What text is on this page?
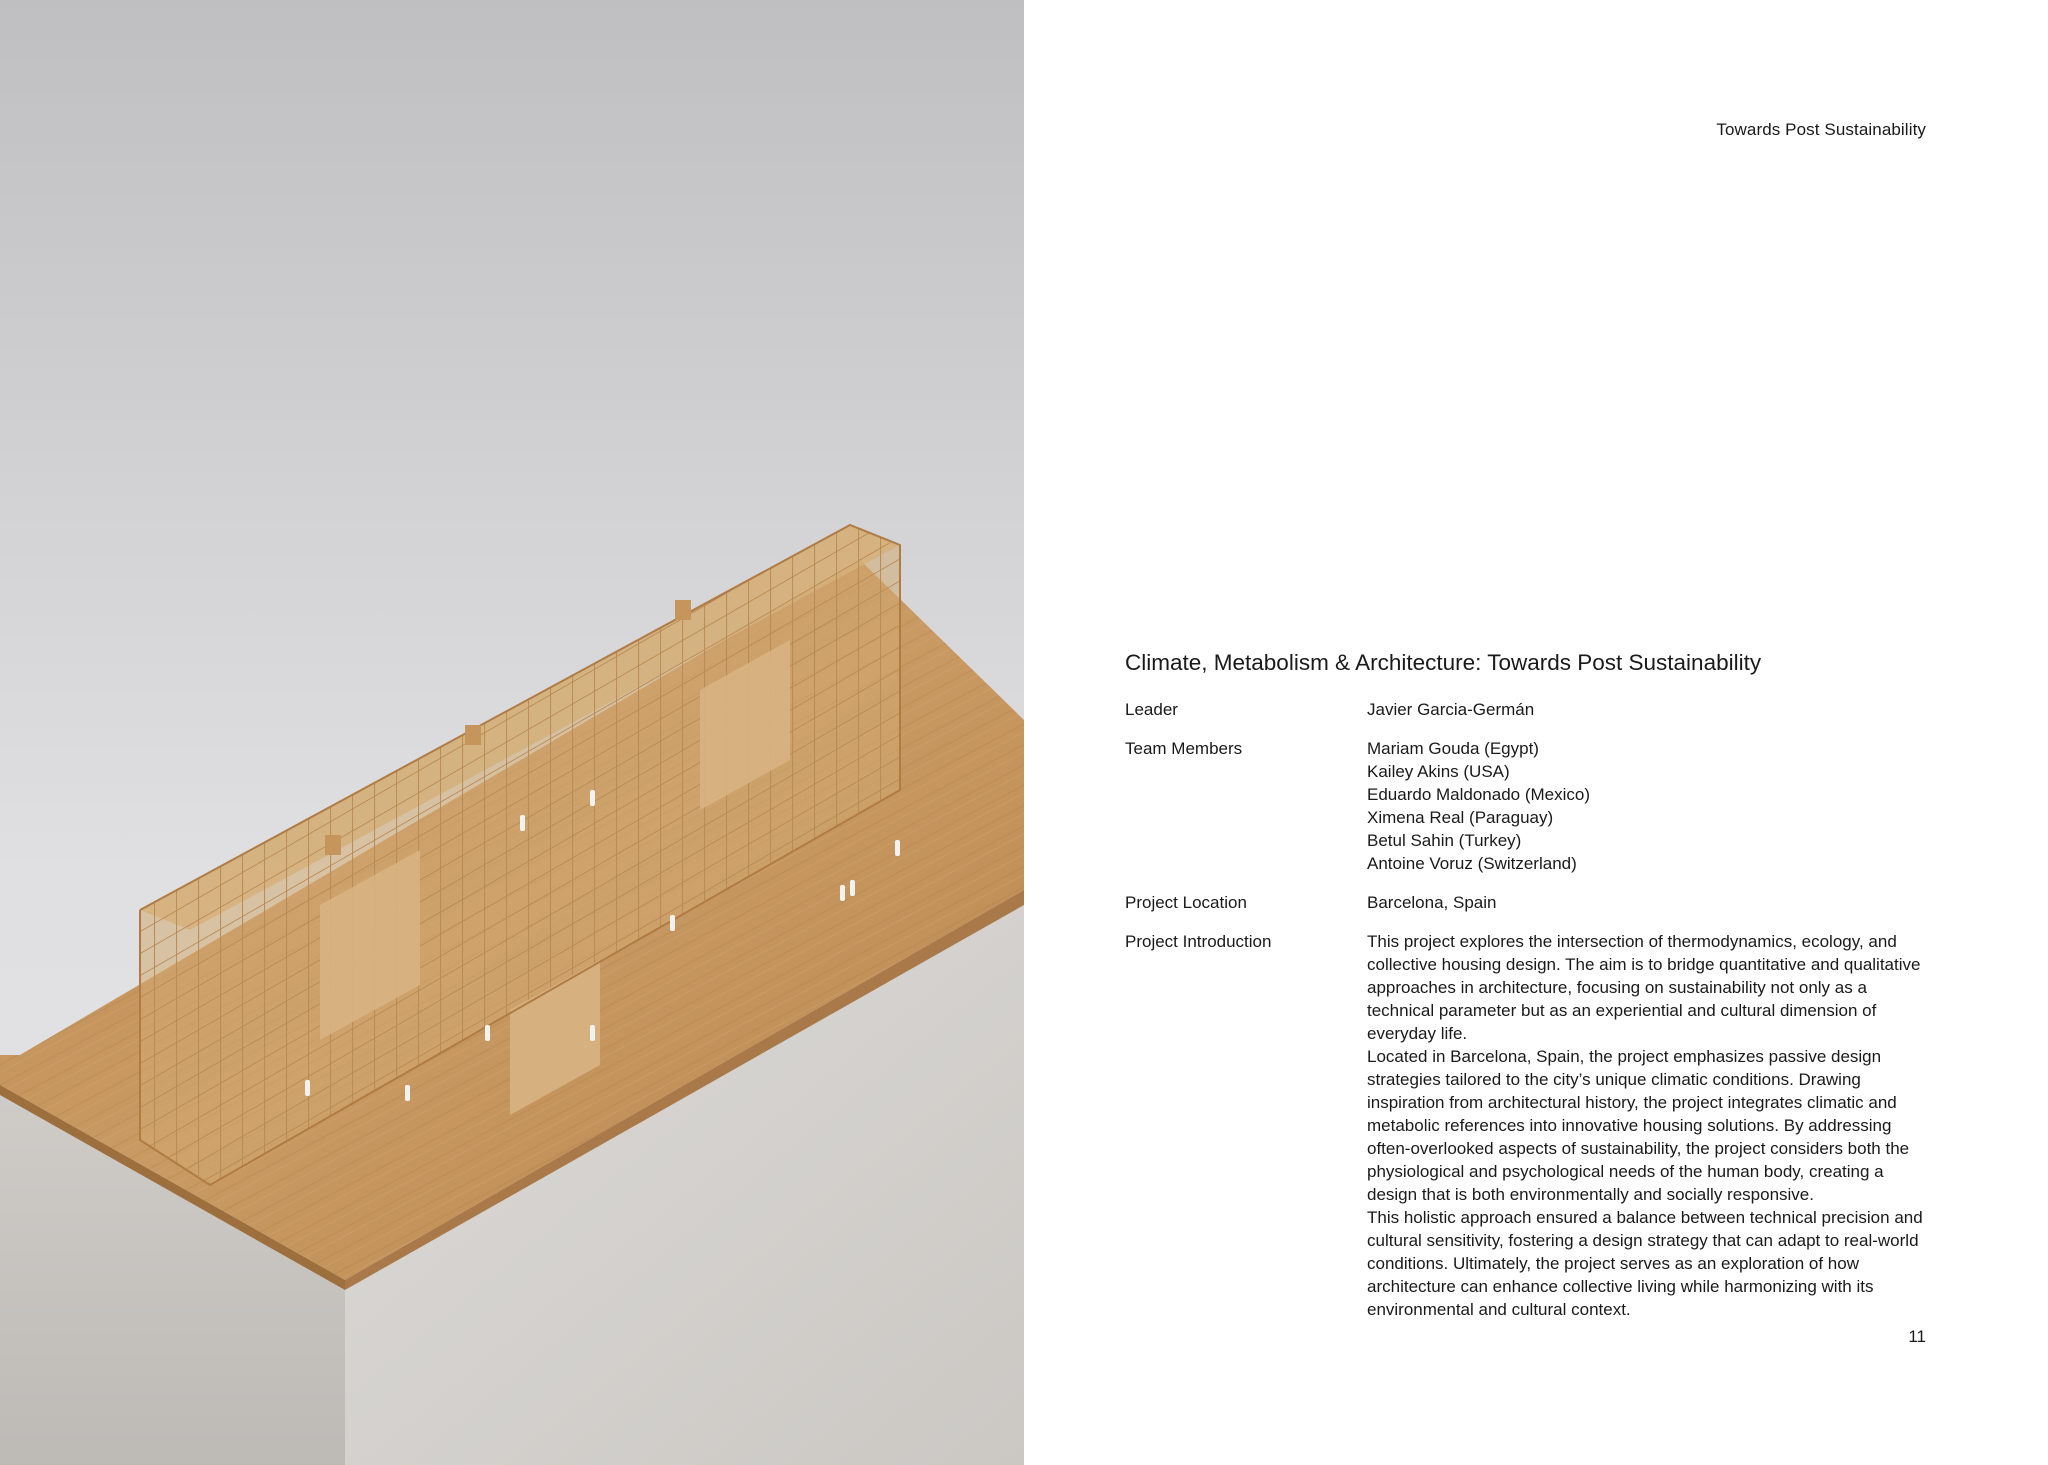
Towards Post Sustainability
Climate, Metabolism & Architecture: Towards Post Sustainability
Leader	Javier Garcia-Germán
Team Members	Mariam Gouda (Egypt)
Kailey Akins (USA)
Eduardo Maldonado (Mexico)
Ximena Real (Paraguay)
Betul Sahin (Turkey)
Antoine Voruz (Switzerland)
Project Location	Barcelona, Spain
Project Introduction	This project explores the intersection of thermodynamics, ecology, and collective housing design. The aim is to bridge quantitative and qualitative approaches in architecture, focusing on sustainability not only as a technical parameter but as an experiential and cultural dimension of everyday life.
Located in Barcelona, Spain, the project emphasizes passive design strategies tailored to the city’s unique climatic conditions. Drawing inspiration from architectural history, the project integrates climatic and metabolic references into innovative housing solutions. By addressing often-overlooked aspects of sustainability, the project considers both the physiological and psychological needs of the human body, creating a design that is both environmentally and socially responsive.
This holistic approach ensured a balance between technical precision and cultural sensitivity, fostering a design strategy that can adapt to real-world conditions. Ultimately, the project serves as an exploration of how architecture can enhance collective living while harmonizing with its environmental and cultural context.
11
